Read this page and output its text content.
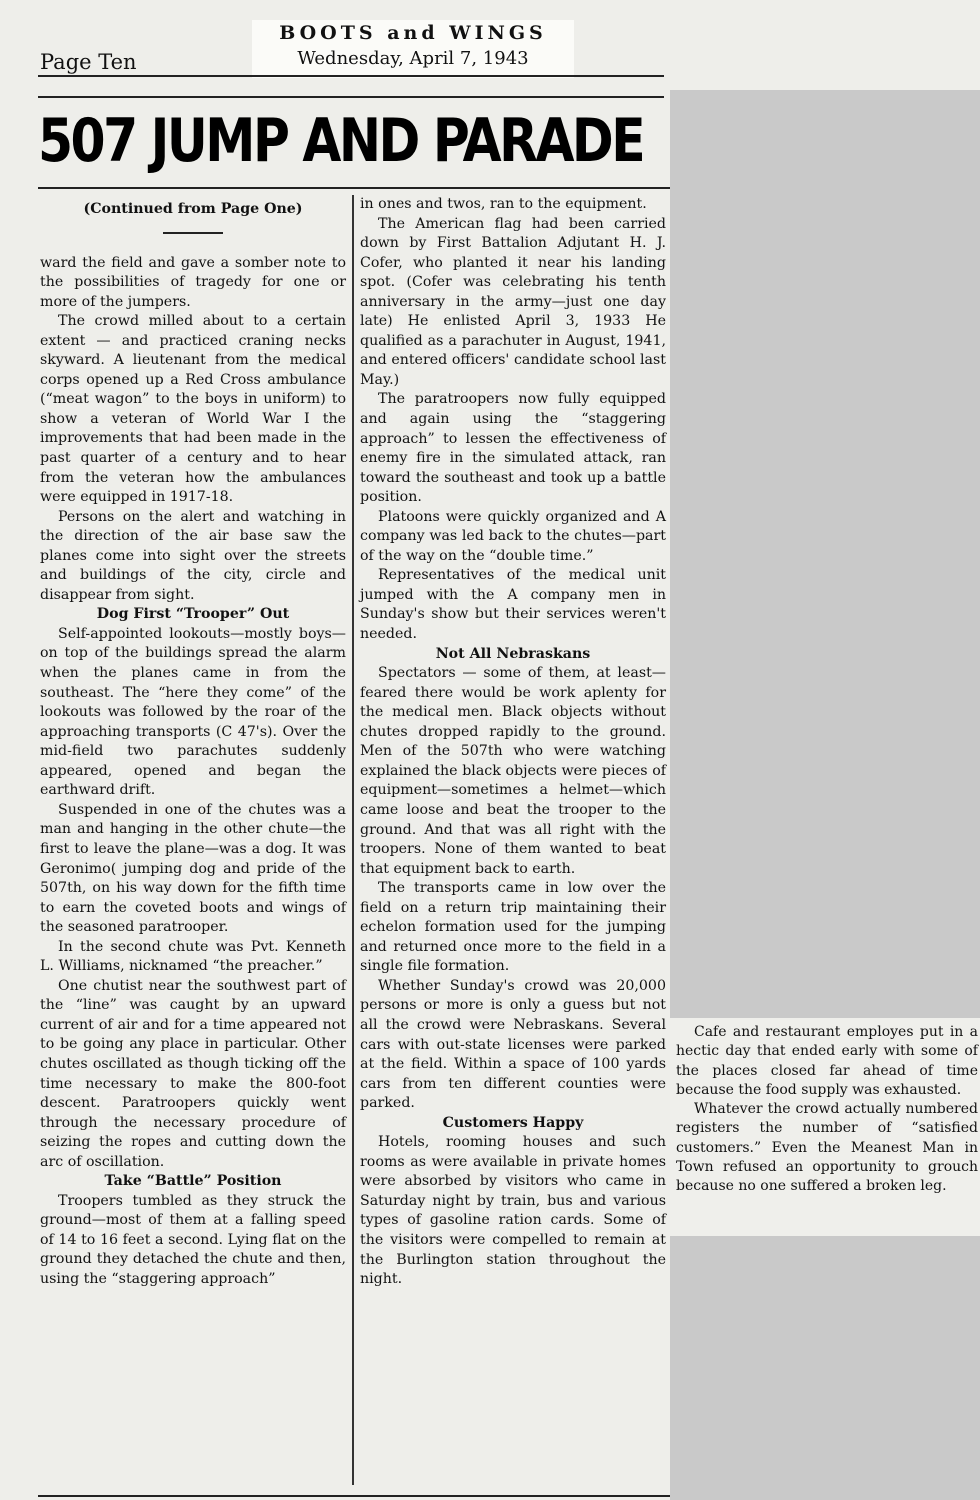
Page Ten
BOOTS and WINGS
Wednesday, April 7, 1943
507 JUMP AND PARADE

(Continued from Page One)

ward the field and gave a somber note to the possibilities of tragedy for one or more of the jumpers.

The crowd milled about to a certain extent — and practiced craning necks skyward. A lieutenant from the medical corps opened up a Red Cross ambulance (“meat wagon” to the boys in uniform) to show a veteran of World War I the improvements that had been made in the past quarter of a century and to hear from the veteran how the ambulances were equipped in 1917-18.

Persons on the alert and watching in the direction of the air base saw the planes come into sight over the streets and buildings of the city, circle and disappear from sight.

Dog First “Trooper” Out

Self-appointed lookouts—mostly boys—on top of the buildings spread the alarm when the planes came in from the southeast. The “here they come” of the lookouts was followed by the roar of the approaching transports (C 47's). Over the mid-field two parachutes suddenly appeared, opened and began the earthward drift.

Suspended in one of the chutes was a man and hanging in the other chute—the first to leave the plane—was a dog. It was Geronimo( jumping dog and pride of the 507th, on his way down for the fifth time to earn the coveted boots and wings of the seasoned paratrooper.

In the second chute was Pvt. Kenneth L. Williams, nicknamed “the preacher.”

One chutist near the southwest part of the “line” was caught by an upward current of air and for a time appeared not to be going any place in particular. Other chutes oscillated as though ticking off the time necessary to make the 800-foot descent. Paratroopers quickly went through the necessary procedure of seizing the ropes and cutting down the arc of oscillation.

Take “Battle” Position

Troopers tumbled as they struck the ground—most of them at a falling speed of 14 to 16 feet a second. Lying flat on the ground they detached the chute and then, using the “staggering approach”

in ones and twos, ran to the equipment.

The American flag had been carried down by First Battalion Adjutant H. J. Cofer, who planted it near his landing spot. (Cofer was celebrating his tenth anniversary in the army—just one day late) He enlisted April 3, 1933 He qualified as a parachuter in August, 1941, and entered officers' candidate school last May.)

The paratroopers now fully equipped and again using the “staggering approach” to lessen the effectiveness of enemy fire in the simulated attack, ran toward the southeast and took up a battle position.

Platoons were quickly organized and A company was led back to the chutes—part of the way on the “double time.”

Representatives of the medical unit jumped with the A company men in Sunday's show but their services weren't needed.

Not All Nebraskans

Spectators — some of them, at least—feared there would be work aplenty for the medical men. Black objects without chutes dropped rapidly to the ground. Men of the 507th who were watching explained the black objects were pieces of equipment—sometimes a helmet—which came loose and beat the trooper to the ground. And that was all right with the troopers. None of them wanted to beat that equipment back to earth.

The transports came in low over the field on a return trip maintaining their echelon formation used for the jumping and returned once more to the field in a single file formation.

Whether Sunday's crowd was 20,000 persons or more is only a guess but not all the crowd were Nebraskans. Several cars with out-state licenses were parked at the field. Within a space of 100 yards cars from ten different counties were parked.

Customers Happy

Hotels, rooming houses and such rooms as were available in private homes were absorbed by visitors who came in Saturday night by train, bus and various types of gasoline ration cards. Some of the visitors were compelled to remain at the Burlington station throughout the night.

Cafe and restaurant employes put in a hectic day that ended early with some of the places closed far ahead of time because the food supply was exhausted.

Whatever the crowd actually numbered registers the number of “satisfied customers.” Even the Meanest Man in Town refused an opportunity to grouch because no one suffered a broken leg.
